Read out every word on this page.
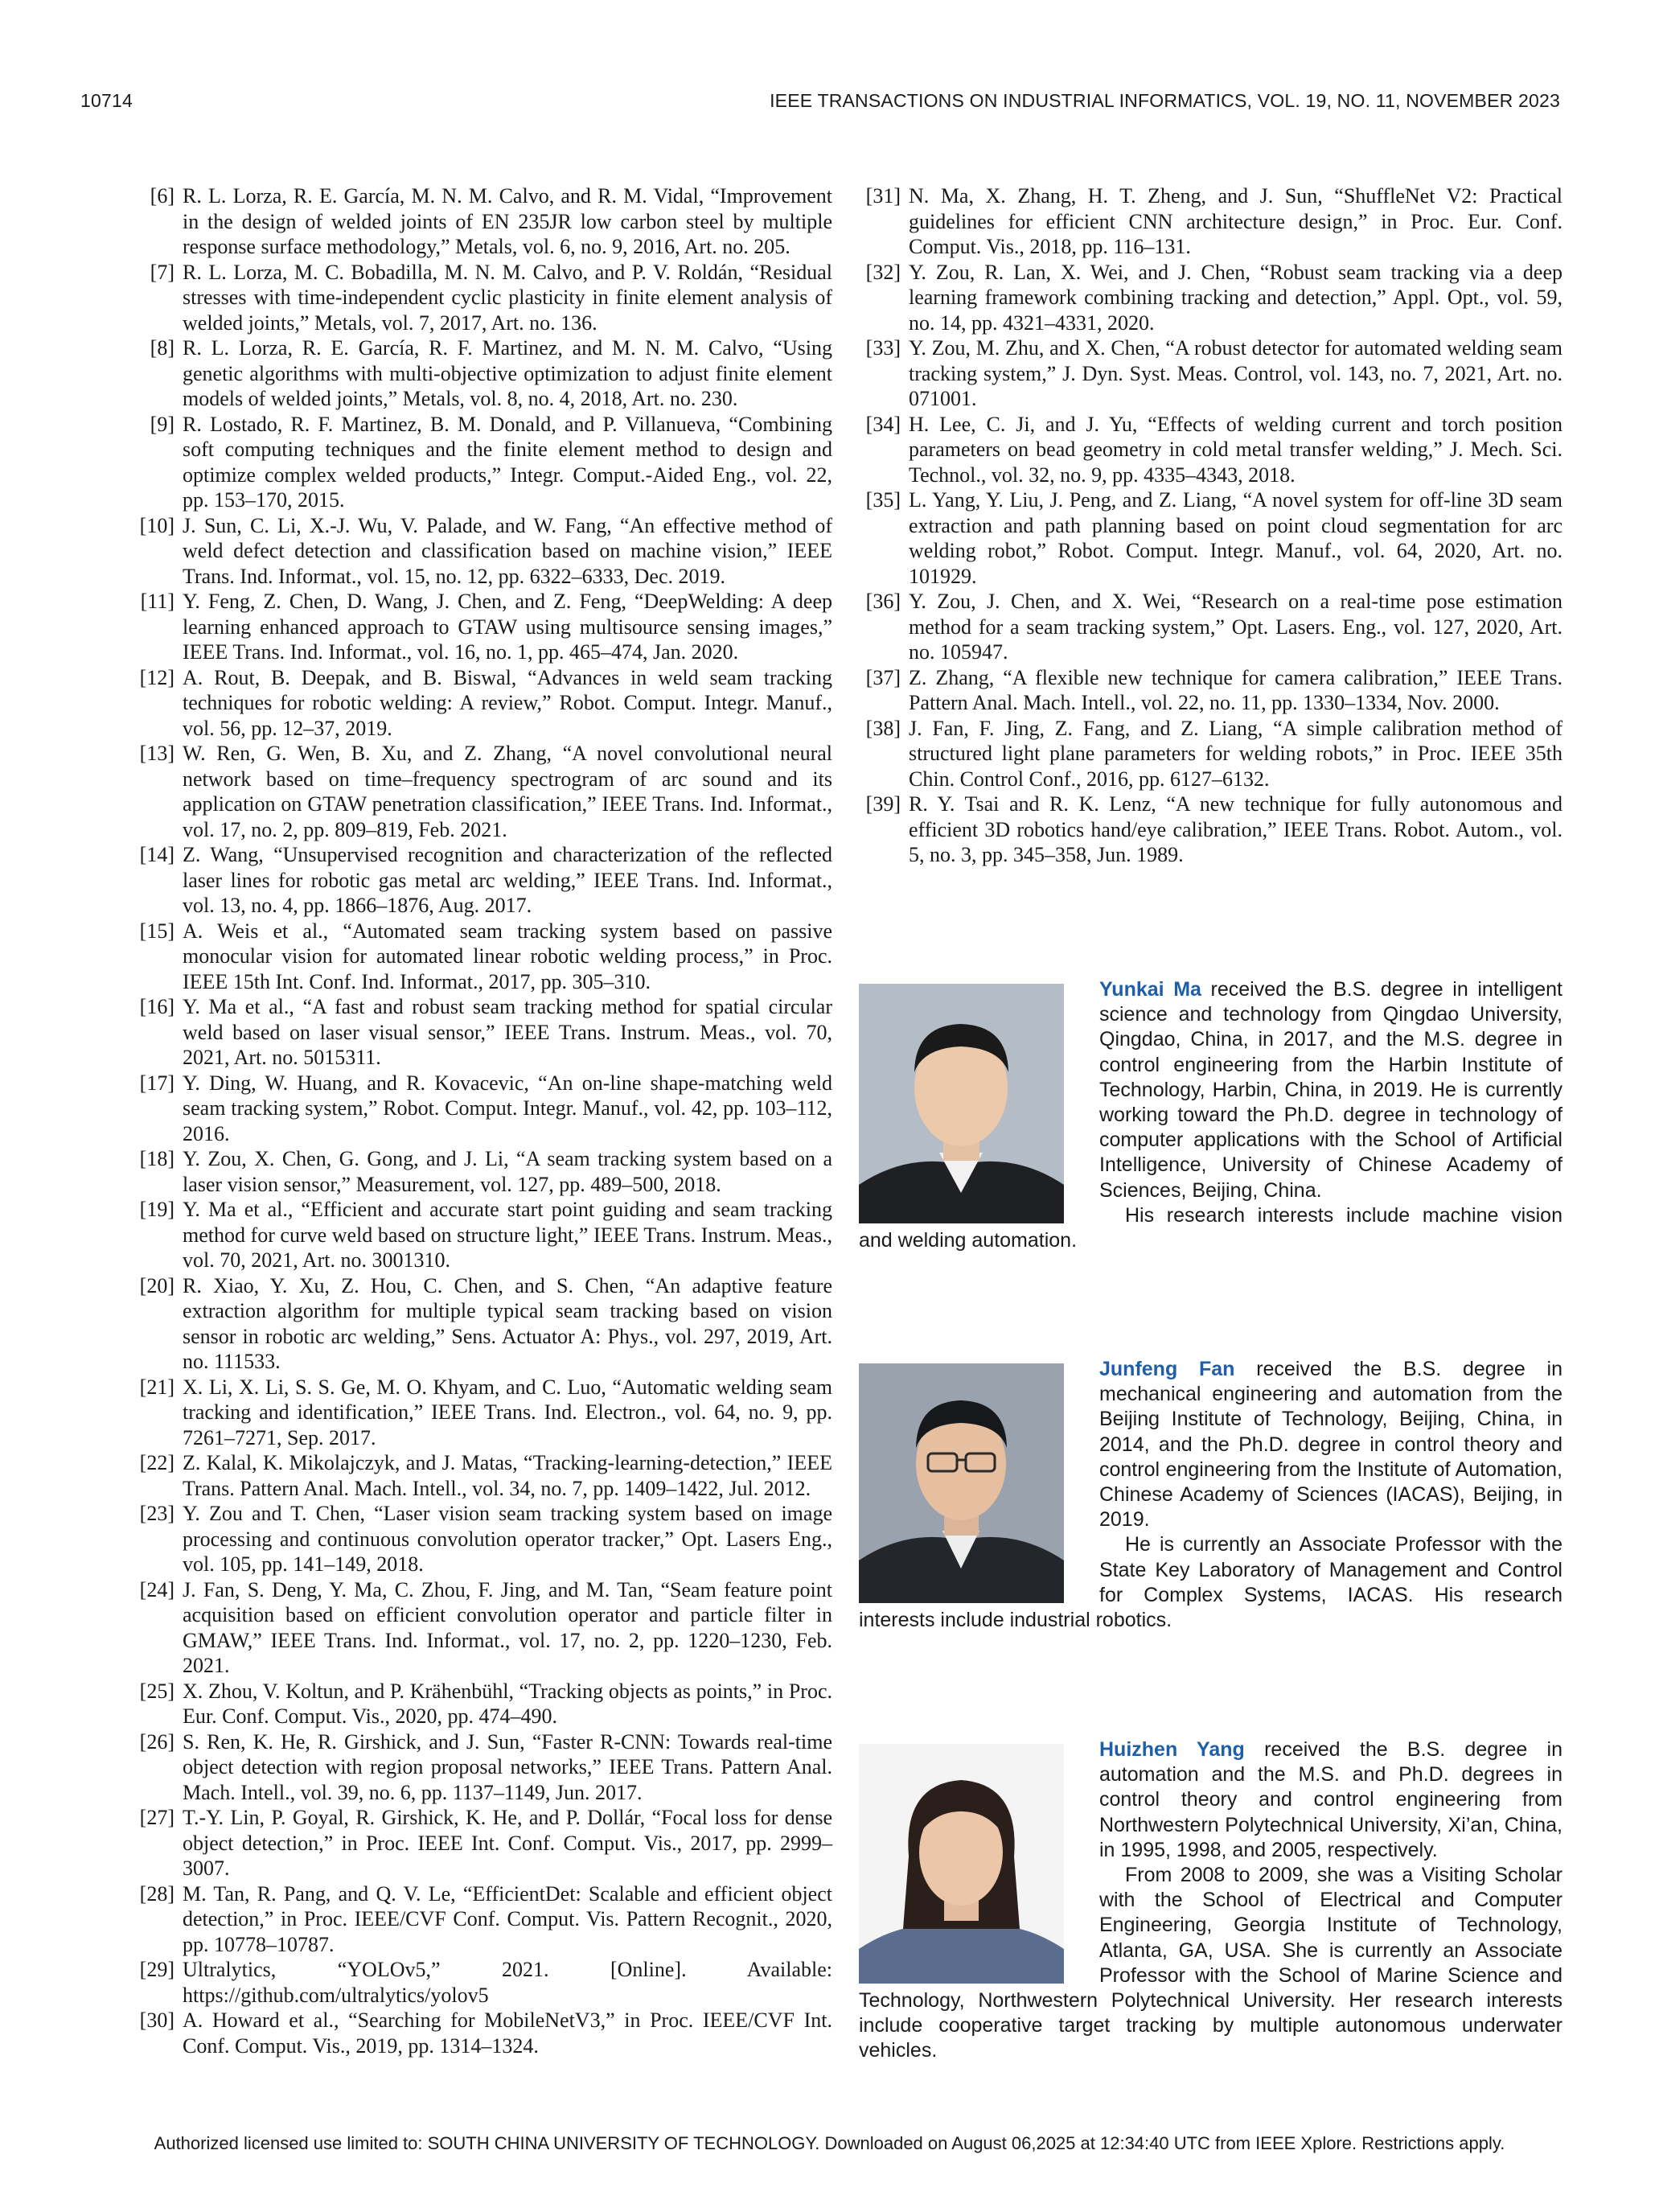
10714	IEEE TRANSACTIONS ON INDUSTRIAL INFORMATICS, VOL. 19, NO. 11, NOVEMBER 2023

[6] R. L. Lorza, R. E. García, M. N. M. Calvo, and R. M. Vidal, “Improvement in the design of welded joints of EN 235JR low carbon steel by multiple response surface methodology,” Metals, vol. 6, no. 9, 2016, Art. no. 205.

[7] R. L. Lorza, M. C. Bobadilla, M. N. M. Calvo, and P. V. Roldán, “Residual stresses with time-independent cyclic plasticity in finite element analysis of welded joints,” Metals, vol. 7, 2017, Art. no. 136.

[8] R. L. Lorza, R. E. García, R. F. Martinez, and M. N. M. Calvo, “Using genetic algorithms with multi-objective optimization to adjust finite element models of welded joints,” Metals, vol. 8, no. 4, 2018, Art. no. 230.

[9] R. Lostado, R. F. Martinez, B. M. Donald, and P. Villanueva, “Combining soft computing techniques and the finite element method to design and optimize complex welded products,” Integr. Comput.-Aided Eng., vol. 22, pp. 153–170, 2015.

[10] J. Sun, C. Li, X.-J. Wu, V. Palade, and W. Fang, “An effective method of weld defect detection and classification based on machine vision,” IEEE Trans. Ind. Informat., vol. 15, no. 12, pp. 6322–6333, Dec. 2019.

[11] Y. Feng, Z. Chen, D. Wang, J. Chen, and Z. Feng, “DeepWelding: A deep learning enhanced approach to GTAW using multisource sensing images,” IEEE Trans. Ind. Informat., vol. 16, no. 1, pp. 465–474, Jan. 2020.

[12] A. Rout, B. Deepak, and B. Biswal, “Advances in weld seam tracking techniques for robotic welding: A review,” Robot. Comput. Integr. Manuf., vol. 56, pp. 12–37, 2019.

[13] W. Ren, G. Wen, B. Xu, and Z. Zhang, “A novel convolutional neural network based on time–frequency spectrogram of arc sound and its application on GTAW penetration classification,” IEEE Trans. Ind. Informat., vol. 17, no. 2, pp. 809–819, Feb. 2021.

[14] Z. Wang, “Unsupervised recognition and characterization of the reflected laser lines for robotic gas metal arc welding,” IEEE Trans. Ind. Informat., vol. 13, no. 4, pp. 1866–1876, Aug. 2017.

[15] A. Weis et al., “Automated seam tracking system based on passive monocular vision for automated linear robotic welding process,” in Proc. IEEE 15th Int. Conf. Ind. Informat., 2017, pp. 305–310.

[16] Y. Ma et al., “A fast and robust seam tracking method for spatial circular weld based on laser visual sensor,” IEEE Trans. Instrum. Meas., vol. 70, 2021, Art. no. 5015311.

[17] Y. Ding, W. Huang, and R. Kovacevic, “An on-line shape-matching weld seam tracking system,” Robot. Comput. Integr. Manuf., vol. 42, pp. 103–112, 2016.

[18] Y. Zou, X. Chen, G. Gong, and J. Li, “A seam tracking system based on a laser vision sensor,” Measurement, vol. 127, pp. 489–500, 2018.

[19] Y. Ma et al., “Efficient and accurate start point guiding and seam tracking method for curve weld based on structure light,” IEEE Trans. Instrum. Meas., vol. 70, 2021, Art. no. 3001310.

[20] R. Xiao, Y. Xu, Z. Hou, C. Chen, and S. Chen, “An adaptive feature extraction algorithm for multiple typical seam tracking based on vision sensor in robotic arc welding,” Sens. Actuator A: Phys., vol. 297, 2019, Art. no. 111533.

[21] X. Li, X. Li, S. S. Ge, M. O. Khyam, and C. Luo, “Automatic welding seam tracking and identification,” IEEE Trans. Ind. Electron., vol. 64, no. 9, pp. 7261–7271, Sep. 2017.

[22] Z. Kalal, K. Mikolajczyk, and J. Matas, “Tracking-learning-detection,” IEEE Trans. Pattern Anal. Mach. Intell., vol. 34, no. 7, pp. 1409–1422, Jul. 2012.

[23] Y. Zou and T. Chen, “Laser vision seam tracking system based on image processing and continuous convolution operator tracker,” Opt. Lasers Eng., vol. 105, pp. 141–149, 2018.

[24] J. Fan, S. Deng, Y. Ma, C. Zhou, F. Jing, and M. Tan, “Seam feature point acquisition based on efficient convolution operator and particle filter in GMAW,” IEEE Trans. Ind. Informat., vol. 17, no. 2, pp. 1220–1230, Feb. 2021.

[25] X. Zhou, V. Koltun, and P. Krähenbühl, “Tracking objects as points,” in Proc. Eur. Conf. Comput. Vis., 2020, pp. 474–490.

[26] S. Ren, K. He, R. Girshick, and J. Sun, “Faster R-CNN: Towards real-time object detection with region proposal networks,” IEEE Trans. Pattern Anal. Mach. Intell., vol. 39, no. 6, pp. 1137–1149, Jun. 2017.

[27] T.-Y. Lin, P. Goyal, R. Girshick, K. He, and P. Dollár, “Focal loss for dense object detection,” in Proc. IEEE Int. Conf. Comput. Vis., 2017, pp. 2999–3007.

[28] M. Tan, R. Pang, and Q. V. Le, “EfficientDet: Scalable and efficient object detection,” in Proc. IEEE/CVF Conf. Comput. Vis. Pattern Recognit., 2020, pp. 10778–10787.

[29] Ultralytics, “YOLOv5,” 2021. [Online]. Available: https://github.com/ultralytics/yolov5

[30] A. Howard et al., “Searching for MobileNetV3,” in Proc. IEEE/CVF Int. Conf. Comput. Vis., 2019, pp. 1314–1324.

[31] N. Ma, X. Zhang, H. T. Zheng, and J. Sun, “ShuffleNet V2: Practical guidelines for efficient CNN architecture design,” in Proc. Eur. Conf. Comput. Vis., 2018, pp. 116–131.

[32] Y. Zou, R. Lan, X. Wei, and J. Chen, “Robust seam tracking via a deep learning framework combining tracking and detection,” Appl. Opt., vol. 59, no. 14, pp. 4321–4331, 2020.

[33] Y. Zou, M. Zhu, and X. Chen, “A robust detector for automated welding seam tracking system,” J. Dyn. Syst. Meas. Control, vol. 143, no. 7, 2021, Art. no. 071001.

[34] H. Lee, C. Ji, and J. Yu, “Effects of welding current and torch position parameters on bead geometry in cold metal transfer welding,” J. Mech. Sci. Technol., vol. 32, no. 9, pp. 4335–4343, 2018.

[35] L. Yang, Y. Liu, J. Peng, and Z. Liang, “A novel system for off-line 3D seam extraction and path planning based on point cloud segmentation for arc welding robot,” Robot. Comput. Integr. Manuf., vol. 64, 2020, Art. no. 101929.

[36] Y. Zou, J. Chen, and X. Wei, “Research on a real-time pose estimation method for a seam tracking system,” Opt. Lasers. Eng., vol. 127, 2020, Art. no. 105947.

[37] Z. Zhang, “A flexible new technique for camera calibration,” IEEE Trans. Pattern Anal. Mach. Intell., vol. 22, no. 11, pp. 1330–1334, Nov. 2000.

[38] J. Fan, F. Jing, Z. Fang, and Z. Liang, “A simple calibration method of structured light plane parameters for welding robots,” in Proc. IEEE 35th Chin. Control Conf., 2016, pp. 6127–6132.

[39] R. Y. Tsai and R. K. Lenz, “A new technique for fully autonomous and efficient 3D robotics hand/eye calibration,” IEEE Trans. Robot. Autom., vol. 5, no. 3, pp. 345–358, Jun. 1989.

Yunkai Ma received the B.S. degree in intelligent science and technology from Qingdao University, Qingdao, China, in 2017, and the M.S. degree in control engineering from the Harbin Institute of Technology, Harbin, China, in 2019. He is currently working toward the Ph.D. degree in technology of computer applications with the School of Artificial Intelligence, University of Chinese Academy of Sciences, Beijing, China.

His research interests include machine vision and welding automation.

Junfeng Fan received the B.S. degree in mechanical engineering and automation from the Beijing Institute of Technology, Beijing, China, in 2014, and the Ph.D. degree in control theory and control engineering from the Institute of Automation, Chinese Academy of Sciences (IACAS), Beijing, in 2019.

He is currently an Associate Professor with the State Key Laboratory of Management and Control for Complex Systems, IACAS. His research interests include industrial robotics.

Huizhen Yang received the B.S. degree in automation and the M.S. and Ph.D. degrees in control theory and control engineering from Northwestern Polytechnical University, Xi’an, China, in 1995, 1998, and 2005, respectively.

From 2008 to 2009, she was a Visiting Scholar with the School of Electrical and Computer Engineering, Georgia Institute of Technology, Atlanta, GA, USA. She is currently an Associate Professor with the School of Marine Science and Technology, Northwestern Polytechnical University. Her research interests include cooperative target tracking by multiple autonomous underwater vehicles.

Authorized licensed use limited to: SOUTH CHINA UNIVERSITY OF TECHNOLOGY. Downloaded on August 06,2025 at 12:34:40 UTC from IEEE Xplore. Restrictions apply.
